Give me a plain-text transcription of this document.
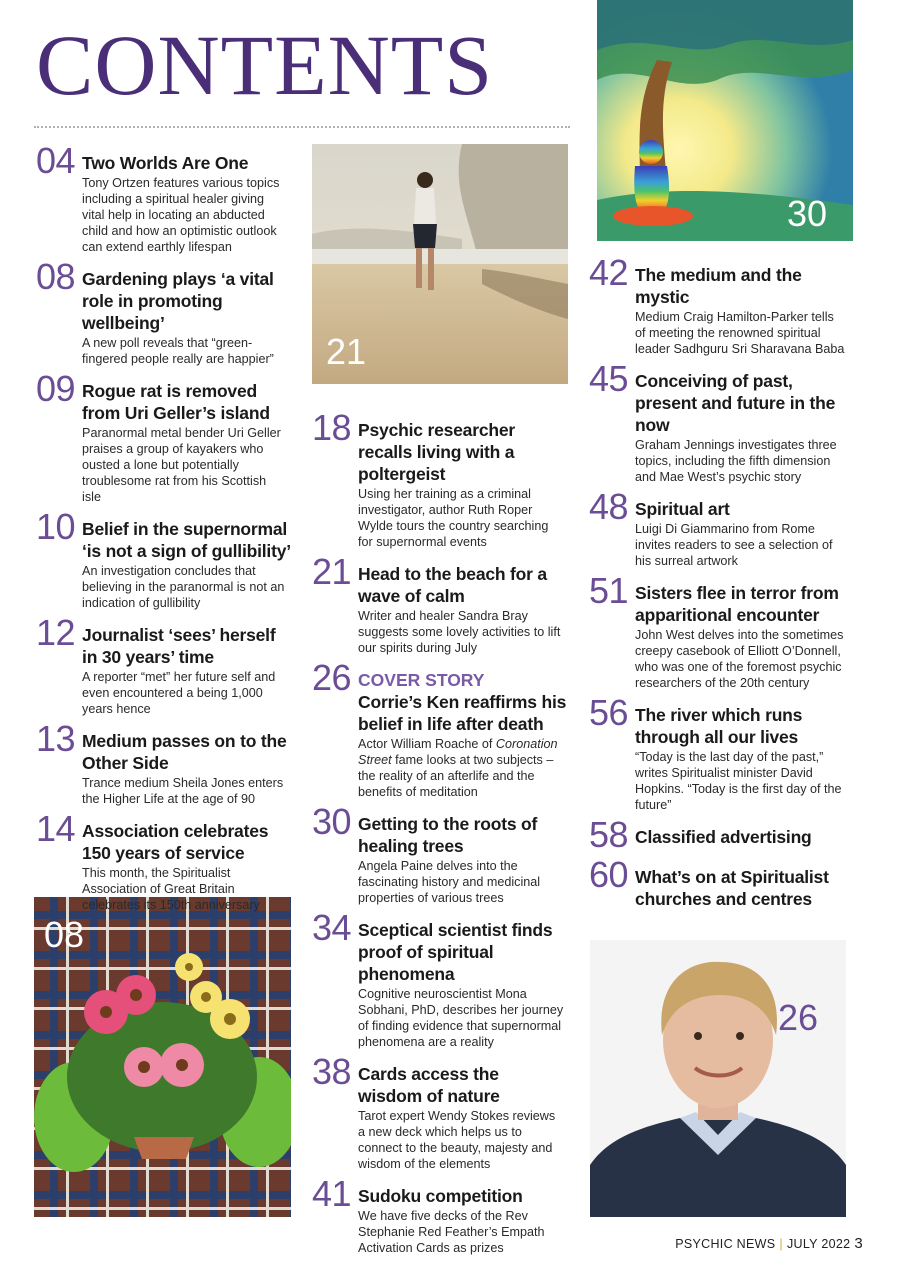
CONTENTS
30
21
08
26
04 Two Worlds Are One
Tony Ortzen features various topics including a spiritual healer giving vital help in locating an abducted child and how an optimistic outlook can extend earthly lifespan
08 Gardening plays ‘a vital role in promoting wellbeing’
A new poll reveals that “green-fingered people really are happier”
09 Rogue rat is removed from Uri Geller’s island
Paranormal metal bender Uri Geller praises a group of kayakers who ousted a lone but potentially troublesome rat from his Scottish isle
10 Belief in the supernormal ‘is not a sign of gullibility’
An investigation concludes that believing in the paranormal is not an indication of gullibility
12 Journalist ‘sees’ herself in 30 years’ time
A reporter “met” her future self and even encountered a being 1,000 years hence
13 Medium passes on to the Other Side
Trance medium Sheila Jones enters the Higher Life at the age of 90
14 Association celebrates 150 years of service
This month, the Spiritualist Association of Great Britain celebrates its 150th anniversary
18 Psychic researcher recalls living with a poltergeist
Using her training as a criminal investigator, author Ruth Roper Wylde tours the country searching for supernormal events
21 Head to the beach for a wave of calm
Writer and healer Sandra Bray suggests some lovely activities to lift our spirits during July
26 COVER STORY
Corrie’s Ken reaffirms his belief in life after death
Actor William Roache of Coronation Street fame looks at two subjects – the reality of an afterlife and the benefits of meditation
30 Getting to the roots of healing trees
Angela Paine delves into the fascinating history and medicinal properties of various trees
34 Sceptical scientist finds proof of spiritual phenomena
Cognitive neuroscientist Mona Sobhani, PhD, describes her journey of finding evidence that supernormal phenomena are a reality
38 Cards access the wisdom of nature
Tarot expert Wendy Stokes reviews a new deck which helps us to connect to the beauty, majesty and wisdom of the elements
41 Sudoku competition
We have five decks of the Rev Stephanie Red Feather’s Empath Activation Cards as prizes
42 The medium and the mystic
Medium Craig Hamilton-Parker tells of meeting the renowned spiritual leader Sadhguru Sri Sharavana Baba
45 Conceiving of past, present and future in the now
Graham Jennings investigates three topics, including the fifth dimension and Mae West’s psychic story
48 Spiritual art
Luigi Di Giammarino from Rome invites readers to see a selection of his surreal artwork
51 Sisters flee in terror from apparitional encounter
John West delves into the sometimes creepy casebook of Elliott O’Donnell, who was one of the foremost psychic researchers of the 20th century
56 The river which runs through all our lives
“Today is the last day of the past,” writes Spiritualist minister David Hopkins. “Today is the first day of the future”
58 Classified advertising
60 What’s on at Spiritualist churches and centres
PSYCHIC NEWS | JULY 2022 3
